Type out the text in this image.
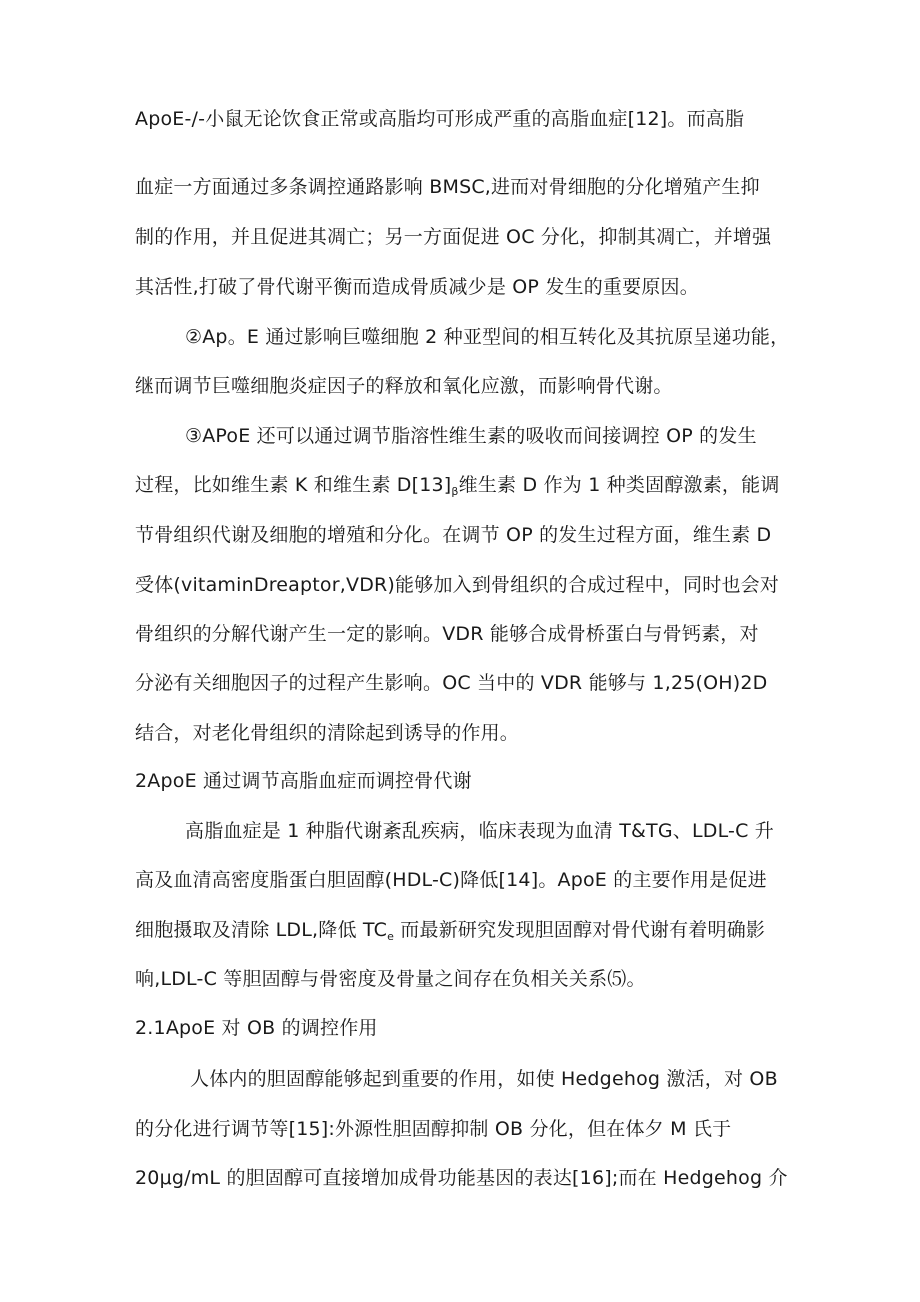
ApoE-/-小鼠无论饮食正常或高脂均可形成严重的高脂血症[12]。而高脂
血症一方面通过多条调控通路影响 BMSC,进而对骨细胞的分化增殖产生抑
制的作用，并且促进其凋亡；另一方面促进 OC 分化，抑制其凋亡，并增强
其活性,打破了骨代谢平衡而造成骨质减少是 OP 发生的重要原因。
②Ap。E 通过影响巨噬细胞 2 种亚型间的相互转化及其抗原呈递功能，
继而调节巨噬细胞炎症因子的释放和氧化应激，而影响骨代谢。
③APoE 还可以通过调节脂溶性维生素的吸收而间接调控 OP 的发生
过程，比如维生素 K 和维生素 $D[13]_\beta$维生素 D 作为 1 种类固醇激素，能调
节骨组织代谢及细胞的增殖和分化。在调节 OP 的发生过程方面，维生素 D
受体(vitaminDreaptor,VDR)能够加入到骨组织的合成过程中，同时也会对
骨组织的分解代谢产生一定的影响。VDR 能够合成骨桥蛋白与骨钙素，对
分泌有关细胞因子的过程产生影响。OC 当中的 VDR 能够与 1,25(OH)2D
结合，对老化骨组织的清除起到诱导的作用。
2ApoE 通过调节高脂血症而调控骨代谢
高脂血症是 1 种脂代谢紊乱疾病，临床表现为血清 T&TG、LDL-C 升
高及血清高密度脂蛋白胆固醇(HDL-C)降低[14]。ApoE 的主要作用是促进
细胞摄取及清除 LDL,降低 $TC_e$ 而最新研究发现胆固醇对骨代谢有着明确影
响,LDL-C 等胆固醇与骨密度及骨量之间存在负相关关系⑸。
2.1ApoE 对 OB 的调控作用
人体内的胆固醇能够起到重要的作用，如使 Hedgehog 激活，对 OB
的分化进行调节等[15]:外源性胆固醇抑制 OB 分化，但在体夕 M 氏于
20μg∕mL 的胆固醇可直接增加成骨功能基因的表达[16];而在 Hedgehog 介
